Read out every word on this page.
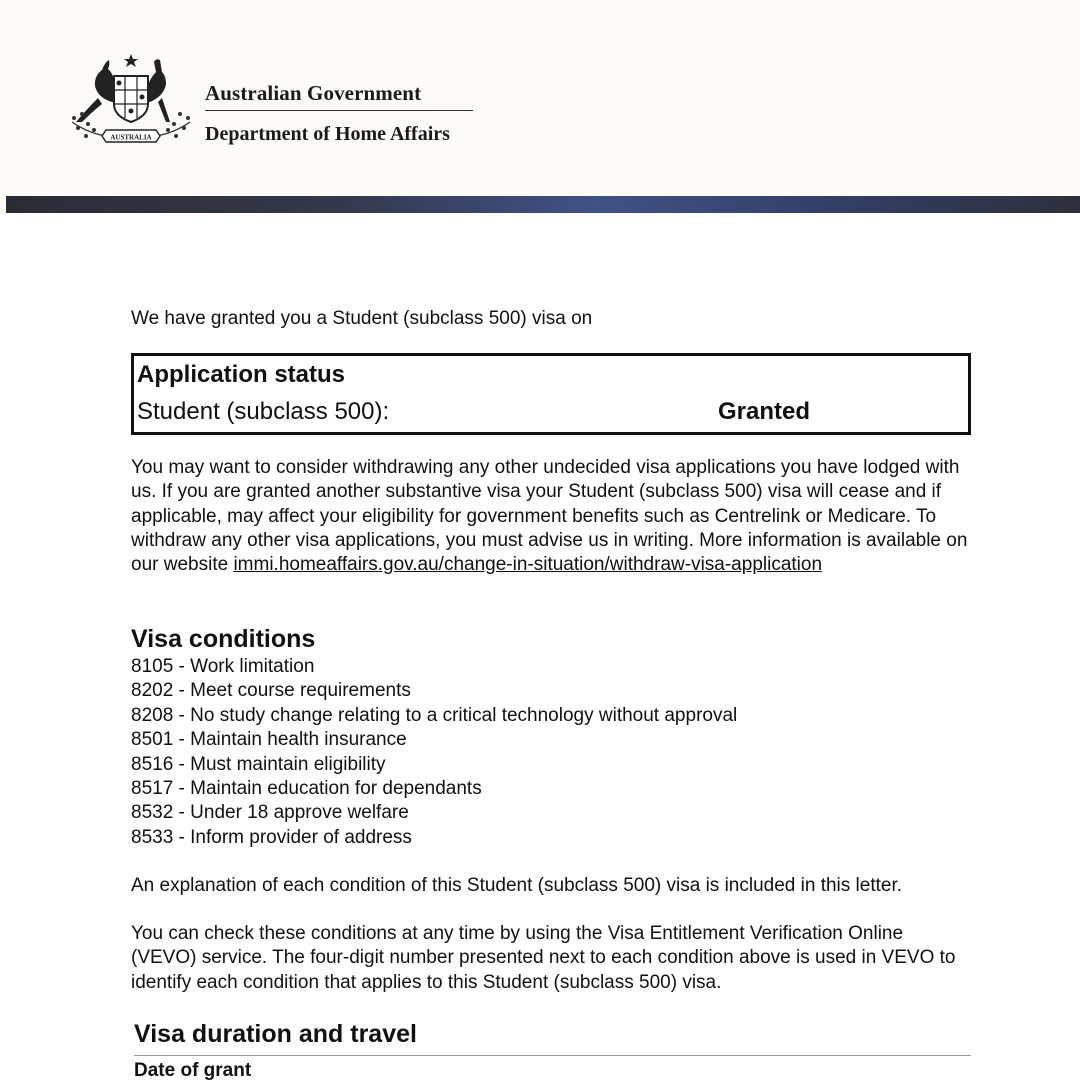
AUSTRALIA
Australian Government
Department of Home Affairs
We have granted you a Student (subclass 500) visa on
Application status
Student (subclass 500):	Granted
You may want to consider withdrawing any other undecided visa applications you have lodged with us. If you are granted another substantive visa your Student (subclass 500) visa will cease and if applicable, may affect your eligibility for government benefits such as Centrelink or Medicare. To withdraw any other visa applications, you must advise us in writing. More information is available on our website immi.homeaffairs.gov.au/change-in-situation/withdraw-visa-application
Visa conditions
8105 - Work limitation
8202 - Meet course requirements
8208 - No study change relating to a critical technology without approval
8501 - Maintain health insurance
8516 - Must maintain eligibility
8517 - Maintain education for dependants
8532 - Under 18 approve welfare
8533 - Inform provider of address
An explanation of each condition of this Student (subclass 500) visa is included in this letter.
You can check these conditions at any time by using the Visa Entitlement Verification Online (VEVO) service. The four-digit number presented next to each condition above is used in VEVO to identify each condition that applies to this Student (subclass 500) visa.
Visa duration and travel
Date of grant
